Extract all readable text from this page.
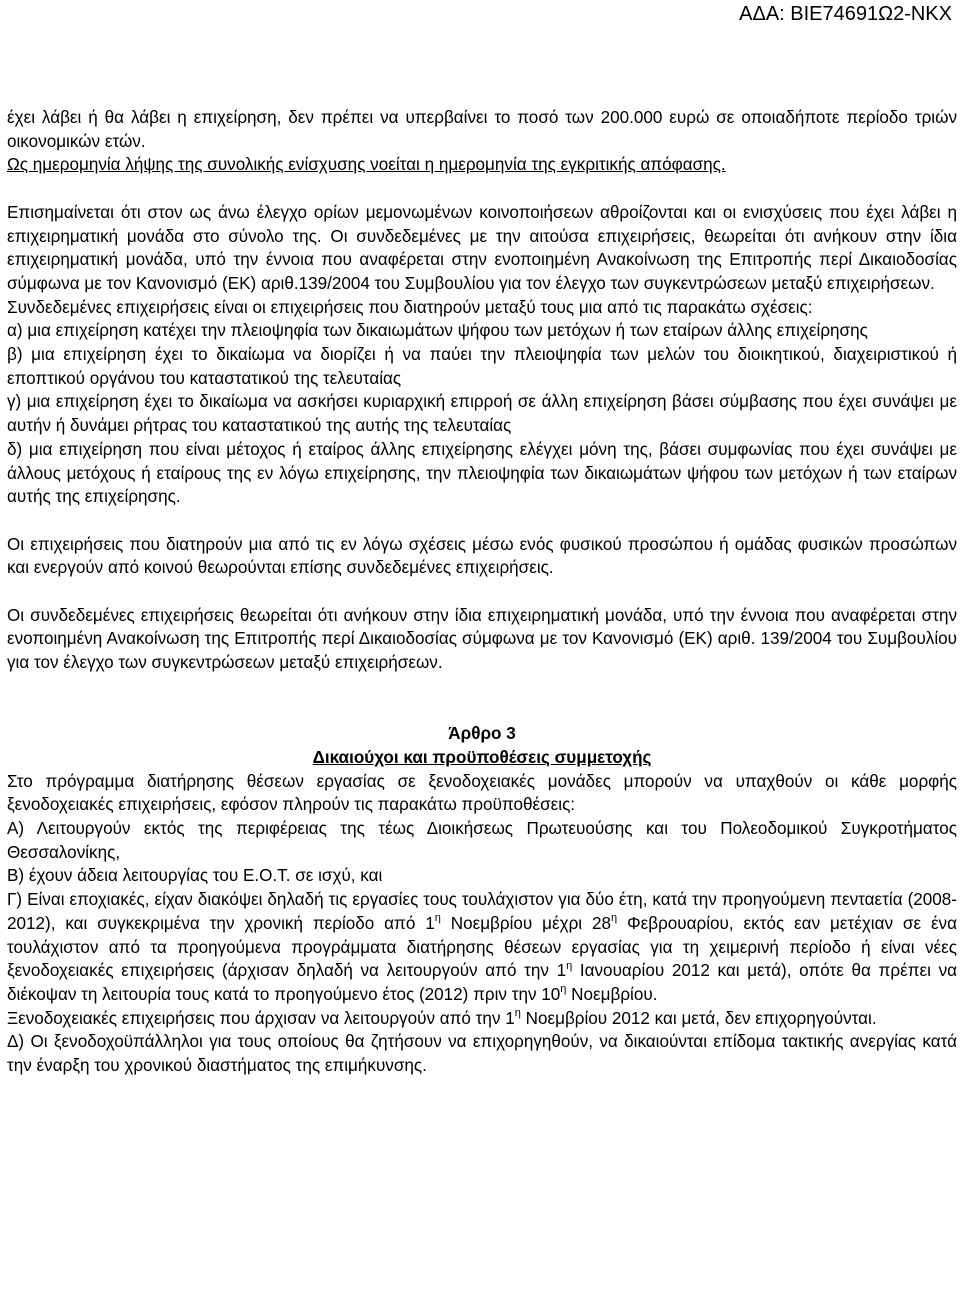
ΑΔΑ: ΒΙΕ74691Ω2-ΝΚΧ

έχει λάβει ή θα λάβει η επιχείρηση, δεν πρέπει να υπερβαίνει το ποσό των 200.000 ευρώ σε οποιαδήποτε περίοδο τριών οικονομικών ετών.

Ως ημερομηνία λήψης της συνολικής ενίσχυσης νοείται η ημερομηνία της εγκριτικής απόφασης.

Επισημαίνεται ότι στον ως άνω έλεγχο ορίων μεμονωμένων κοινοποιήσεων αθροίζονται και οι ενισχύσεις που έχει λάβει η επιχειρηματική μονάδα στο σύνολο της. Οι συνδεδεμένες με την αιτούσα επιχειρήσεις, θεωρείται ότι ανήκουν στην ίδια επιχειρηματική μονάδα, υπό την έννοια που αναφέρεται στην ενοποιημένη Ανακοίνωση της Επιτροπής περί Δικαιοδοσίας σύμφωνα με τον Κανονισμό (ΕΚ) αριθ.139/2004 του Συμβουλίου για τον έλεγχο των συγκεντρώσεων μεταξύ επιχειρήσεων.

Συνδεδεμένες επιχειρήσεις είναι οι επιχειρήσεις που διατηρούν μεταξύ τους μια από τις παρακάτω σχέσεις:

α) μια επιχείρηση κατέχει την πλειοψηφία των δικαιωμάτων ψήφου των μετόχων ή των εταίρων άλλης επιχείρησης

β) μια επιχείρηση έχει το δικαίωμα να διορίζει ή να παύει την πλειοψηφία των μελών του διοικητικού, διαχειριστικού ή εποπτικού οργάνου του καταστατικού της τελευταίας

γ) μια επιχείρηση έχει το δικαίωμα να ασκήσει κυριαρχική επιρροή σε άλλη επιχείρηση βάσει σύμβασης που έχει συνάψει με αυτήν ή δυνάμει ρήτρας του καταστατικού της αυτής της τελευταίας

δ) μια επιχείρηση που είναι μέτοχος ή εταίρος άλλης επιχείρησης ελέγχει μόνη της, βάσει συμφωνίας που έχει συνάψει με άλλους μετόχους ή εταίρους της εν λόγω επιχείρησης, την πλειοψηφία των δικαιωμάτων ψήφου των μετόχων ή των εταίρων αυτής της επιχείρησης.

Οι επιχειρήσεις που διατηρούν μια από τις εν λόγω σχέσεις μέσω ενός φυσικού προσώπου ή ομάδας φυσικών προσώπων και ενεργούν από κοινού θεωρούνται επίσης συνδεδεμένες επιχειρήσεις.

Οι συνδεδεμένες επιχειρήσεις θεωρείται ότι ανήκουν στην ίδια επιχειρηματική μονάδα, υπό την έννοια που αναφέρεται στην ενοποιημένη Ανακοίνωση της Επιτροπής περί Δικαιοδοσίας σύμφωνα με τον Κανονισμό (ΕΚ) αριθ. 139/2004 του Συμβουλίου για τον έλεγχο των συγκεντρώσεων μεταξύ επιχειρήσεων.

Άρθρο 3

Δικαιούχοι και προϋποθέσεις συμμετοχής

Στο πρόγραμμα διατήρησης θέσεων εργασίας σε ξενοδοχειακές μονάδες μπορούν να υπαχθούν οι κάθε μορφής ξενοδοχειακές επιχειρήσεις, εφόσον πληρούν τις παρακάτω προϋποθέσεις:

Α) Λειτουργούν εκτός της περιφέρειας της τέως Διοικήσεως Πρωτευούσης και του Πολεοδομικού Συγκροτήματος Θεσσαλονίκης,

Β) έχουν άδεια λειτουργίας του Ε.Ο.Τ. σε ισχύ, και

Γ) Είναι εποχιακές, είχαν διακόψει δηλαδή τις εργασίες τους τουλάχιστον για δύο έτη, κατά την προηγούμενη πενταετία (2008-2012), και συγκεκριμένα την χρονική περίοδο από $1^\eta$ Νοεμβρίου μέχρι $28^\eta$ Φεβρουαρίου, εκτός εαν μετέχιαν σε ένα τουλάχιστον από τα προηγούμενα προγράμματα διατήρησης θέσεων εργασίας για τη χειμερινή περίοδο ή είναι νέες ξενοδοχειακές επιχειρήσεις (άρχισαν δηλαδή να λειτουργούν από την $1^\eta$ Ιανουαρίου 2012 και μετά), οπότε θα πρέπει να διέκοψαν τη λειτουρία τους κατά το προηγούμενο έτος (2012) πριν την $10^\eta$ Νοεμβρίου.

Ξενοδοχειακές επιχειρήσεις που άρχισαν να λειτουργούν από την $1^\eta$ Νοεμβρίου 2012 και μετά, δεν επιχορηγούνται.

Δ) Οι ξενοδοχοϋπάλληλοι για τους οποίους θα ζητήσουν να επιχορηγηθούν, να δικαιούνται επίδομα τακτικής ανεργίας κατά την έναρξη του χρονικού διαστήματος της επιμήκυνσης.
